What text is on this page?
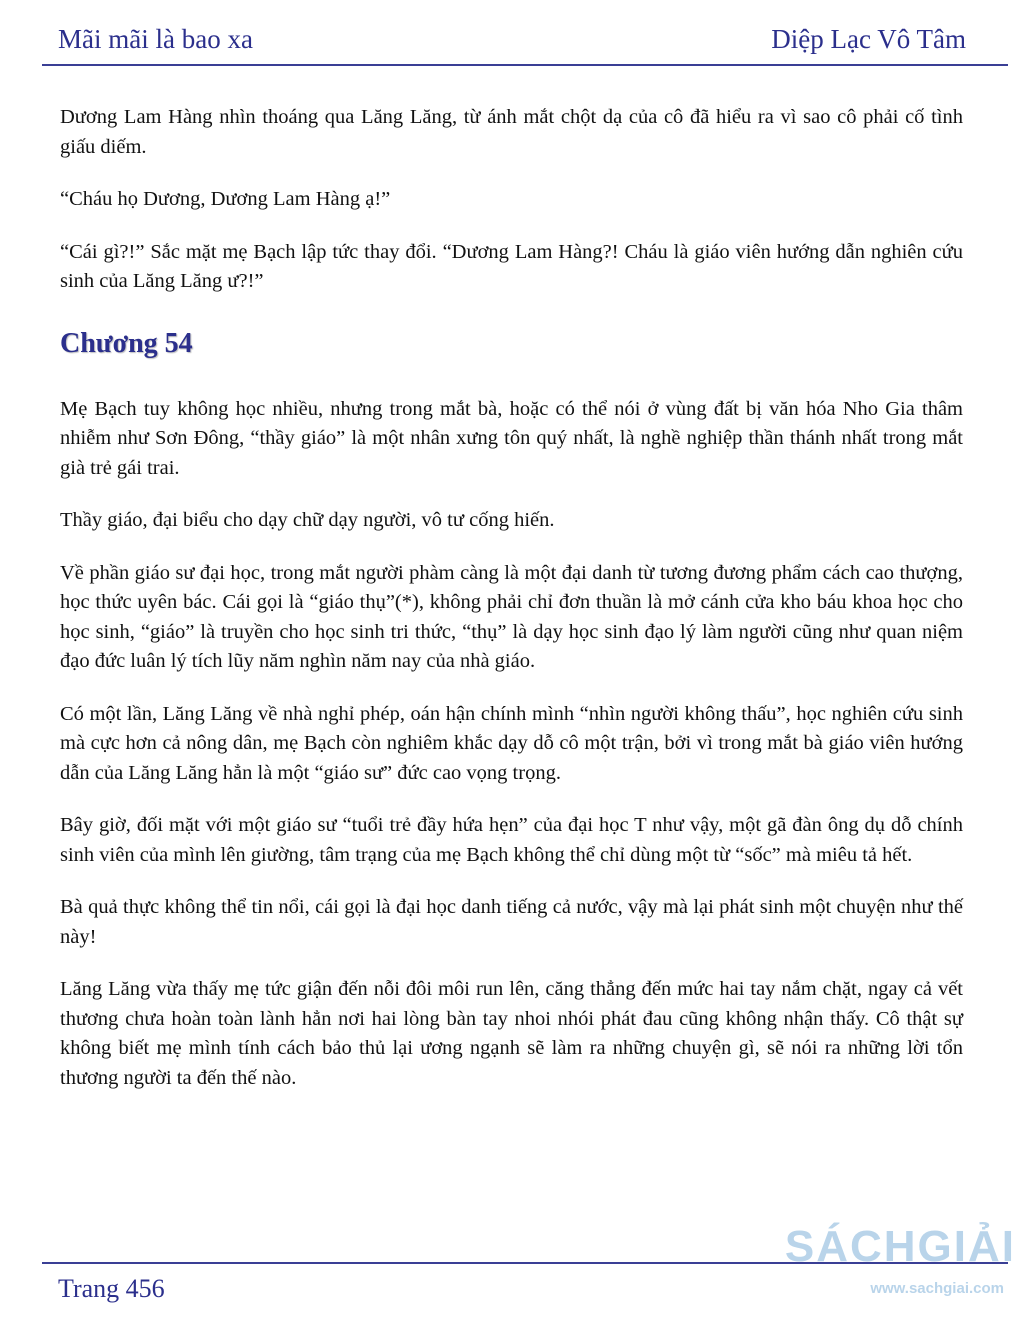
Mãi mãi là bao xa	Diệp Lạc Vô Tâm

Dương Lam Hàng nhìn thoáng qua Lăng Lăng, từ ánh mắt chột dạ của cô đã hiểu ra vì sao cô phải cố tình giấu diếm.

“Cháu họ Dương, Dương Lam Hàng ạ!”

“Cái gì?!” Sắc mặt mẹ Bạch lập tức thay đổi. “Dương Lam Hàng?! Cháu là giáo viên hướng dẫn nghiên cứu sinh của Lăng Lăng ư?!”

Chương 54

Mẹ Bạch tuy không học nhiều, nhưng trong mắt bà, hoặc có thể nói ở vùng đất bị văn hóa Nho Gia thâm nhiễm như Sơn Đông, “thầy giáo” là một nhân xưng tôn quý nhất, là nghề nghiệp thần thánh nhất trong mắt già trẻ gái trai.

Thầy giáo, đại biểu cho dạy chữ dạy người, vô tư cống hiến.

Về phần giáo sư đại học, trong mắt người phàm càng là một đại danh từ tương đương phẩm cách cao thượng, học thức uyên bác. Cái gọi là “giáo thụ”(*), không phải chỉ đơn thuần là mở cánh cửa kho báu khoa học cho học sinh, “giáo” là truyền cho học sinh tri thức, “thụ” là dạy học sinh đạo lý làm người cũng như quan niệm đạo đức luân lý tích lũy năm nghìn năm nay của nhà giáo.

Có một lần, Lăng Lăng về nhà nghỉ phép, oán hận chính mình “nhìn người không thấu”, học nghiên cứu sinh mà cực hơn cả nông dân, mẹ Bạch còn nghiêm khắc dạy dỗ cô một trận, bởi vì trong mắt bà giáo viên hướng dẫn của Lăng Lăng hẳn là một “giáo sư” đức cao vọng trọng.

Bây giờ, đối mặt với một giáo sư “tuổi trẻ đầy hứa hẹn” của đại học T như vậy, một gã đàn ông dụ dỗ chính sinh viên của mình lên giường, tâm trạng của mẹ Bạch không thể chỉ dùng một từ “sốc” mà miêu tả hết.

Bà quả thực không thể tin nổi, cái gọi là đại học danh tiếng cả nước, vậy mà lại phát sinh một chuyện như thế này!

Lăng Lăng vừa thấy mẹ tức giận đến nỗi đôi môi run lên, căng thẳng đến mức hai tay nắm chặt, ngay cả vết thương chưa hoàn toàn lành hẳn nơi hai lòng bàn tay nhoi nhói phát đau cũng không nhận thấy. Cô thật sự không biết mẹ mình tính cách bảo thủ lại ương ngạnh sẽ làm ra những chuyện gì, sẽ nói ra những lời tổn thương người ta đến thế nào.

Trang 456
SÁCHGIẢI
www.sachgiai.com
